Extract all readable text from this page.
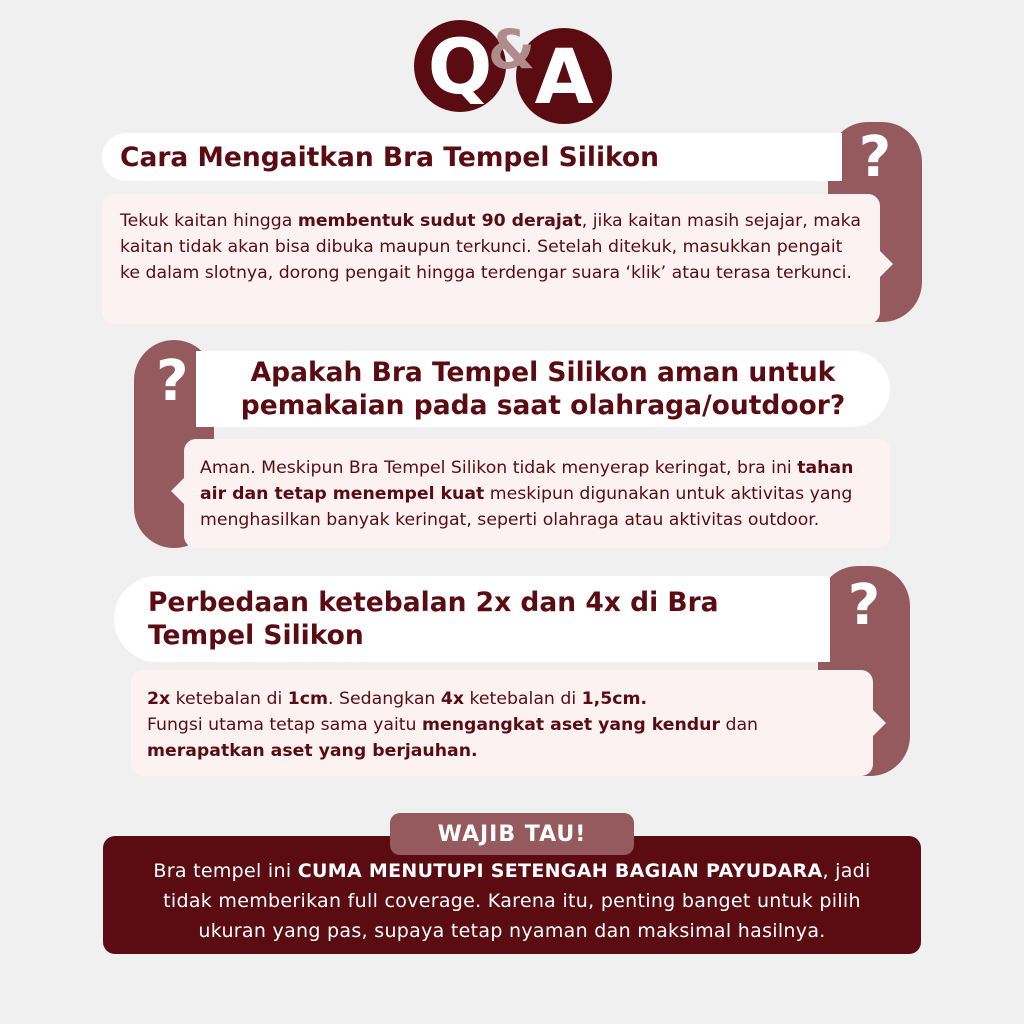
Q A
&
?
Cara Mengaitkan Bra Tempel Silikon
Tekuk kaitan hingga membentuk sudut 90 derajat, jika kaitan masih sejajar, maka kaitan tidak akan bisa dibuka maupun terkunci. Setelah ditekuk, masukkan pengait ke dalam slotnya, dorong pengait hingga terdengar suara ‘klik’ atau terasa terkunci.
?	Apakah Bra Tempel Silikon aman untuk pemakaian pada saat olahraga/outdoor?
Aman. Meskipun Bra Tempel Silikon tidak menyerap keringat, bra ini tahan air dan tetap menempel kuat meskipun digunakan untuk aktivitas yang menghasilkan banyak keringat, seperti olahraga atau aktivitas outdoor.
?
Perbedaan ketebalan 2x dan 4x di Bra Tempel Silikon
2x ketebalan di 1cm. Sedangkan 4x ketebalan di 1,5cm.
Fungsi utama tetap sama yaitu mengangkat aset yang kendur dan merapatkan aset yang berjauhan.
Bra tempel ini CUMA MENUTUPI SETENGAH BAGIAN PAYUDARA, jadi tidak memberikan full coverage. Karena itu, penting banget untuk pilih ukuran yang pas, supaya tetap nyaman dan maksimal hasilnya.
WAJIB TAU!
